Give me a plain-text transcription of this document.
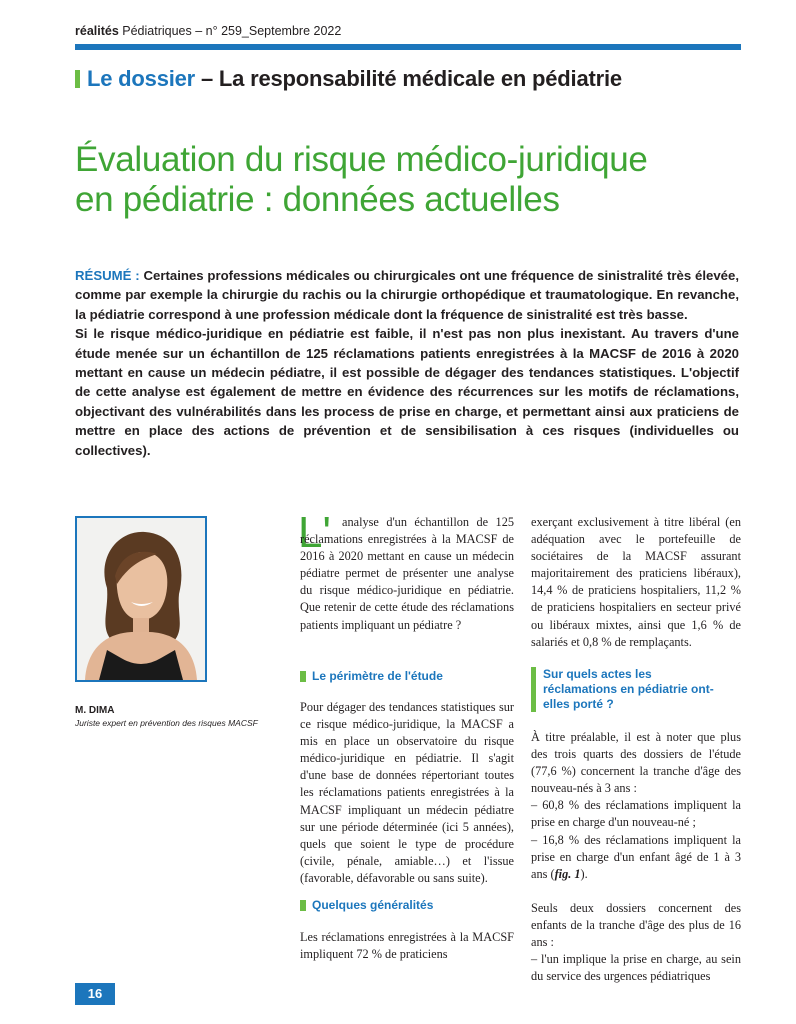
réalités Pédiatriques – n° 259_Septembre 2022
Le dossier – La responsabilité médicale en pédiatrie
Évaluation du risque médico-juridique
en pédiatrie : données actuelles

RÉSUMÉ : Certaines professions médicales ou chirurgicales ont une fréquence de sinistralité très élevée, comme par exemple la chirurgie du rachis ou la chirurgie orthopédique et traumatologique. En revanche, la pédiatrie correspond à une profession médicale dont la fréquence de sinistralité est très basse.

Si le risque médico-juridique en pédiatrie est faible, il n'est pas non plus inexistant. Au travers d'une étude menée sur un échantillon de 125 réclamations patients enregistrées à la MACSF de 2016 à 2020 mettant en cause un médecin pédiatre, il est possible de dégager des tendances statistiques. L'objectif de cette analyse est également de mettre en évidence des récurrences sur les motifs de réclamations, objectivant des vulnérabilités dans les process de prise en charge, et permettant ainsi aux praticiens de mettre en place des actions de prévention et de sensibilisation à ces risques (individuelles ou collectives).

M. DIMA
Juriste expert en prévention des risques MACSF
L' analyse d'un échantillon de 125 réclamations enregistrées à la MACSF de 2016 à 2020 mettant en cause un médecin pédiatre permet de présenter une analyse du risque médico-juridique en pédiatrie. Que retenir de cette étude des réclamations patients impliquant un pédiatre ?

Le périmètre de l'étude

Pour dégager des tendances statistiques sur ce risque médico-juridique, la MACSF a mis en place un observatoire du risque médico-juridique en pédiatrie. Il s'agit d'une base de données répertoriant toutes les réclamations patients enregistrées à la MACSF impliquant un médecin pédiatre sur une période déterminée (ici 5 années), quels que soient le type de procédure (civile, pénale, amiable…) et l'issue (favorable, défavorable ou sans suite).

Quelques généralités

Les réclamations enregistrées à la MACSF impliquent 72 % de praticiens

exerçant exclusivement à titre libéral (en adéquation avec le portefeuille de sociétaires de la MACSF assurant majoritairement des praticiens libéraux), 14,4 % de praticiens hospitaliers, 11,2 % de praticiens hospitaliers en secteur privé ou libéraux mixtes, ainsi que 1,6 % de salariés et 0,8 % de remplaçants.

Sur quels actes les réclamations en pédiatrie ont-elles porté ?

À titre préalable, il est à noter que plus des trois quarts des dossiers de l'étude (77,6 %) concernent la tranche d'âge des nouveau-nés à 3 ans :

– 60,8 % des réclamations impliquent la prise en charge d'un nouveau-né ;

– 16,8 % des réclamations impliquent la prise en charge d'un enfant âgé de 1 à 3 ans (fig. 1).

Seuls deux dossiers concernent des enfants de la tranche d'âge des plus de 16 ans :

– l'un implique la prise en charge, au sein du service des urgences pédiatriques

16
